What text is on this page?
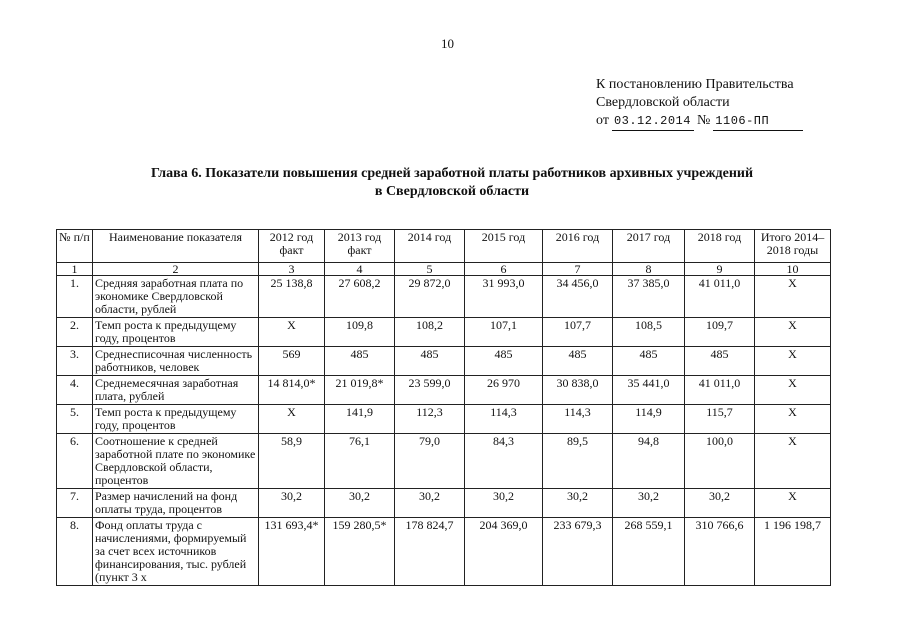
10
К постановлению Правительства
Свердловской области
от 03.12.2014 № 1106-ПП
Глава 6. Показатели повышения средней заработной платы работников архивных учреждений
в Свердловской области
№ п/п	Наименование показателя	2012 год факт	2013 год факт	2014 год	2015 год	2016 год	2017 год	2018 год	Итого 2014–2018 годы
1	2	3	4	5	6	7	8	9	10
1.	Средняя заработная плата по экономике Свердловской области, рублей	25 138,8	27 608,2	29 872,0	31 993,0	34 456,0	37 385,0	41 011,0	Х
2.	Темп роста к предыдущему году, процентов	Х	109,8	108,2	107,1	107,7	108,5	109,7	Х
3.	Среднесписочная численность работников, человек	569	485	485	485	485	485	485	Х
4.	Среднемесячная заработная плата, рублей	14 814,0*	21 019,8*	23 599,0	26 970	30 838,0	35 441,0	41 011,0	Х
5.	Темп роста к предыдущему году, процентов	Х	141,9	112,3	114,3	114,3	114,9	115,7	Х
6.	Соотношение к средней заработной плате по экономике Свердловской области, процентов	58,9	76,1	79,0	84,3	89,5	94,8	100,0	Х
7.	Размер начислений на фонд оплаты труда, процентов	30,2	30,2	30,2	30,2	30,2	30,2	30,2	Х
8.	Фонд оплаты труда с начислениями, формируемый за счет всех источников финансирования, тыс. рублей (пункт 3 х	131 693,4*	159 280,5*	178 824,7	204 369,0	233 679,3	268 559,1	310 766,6	1 196 198,7
